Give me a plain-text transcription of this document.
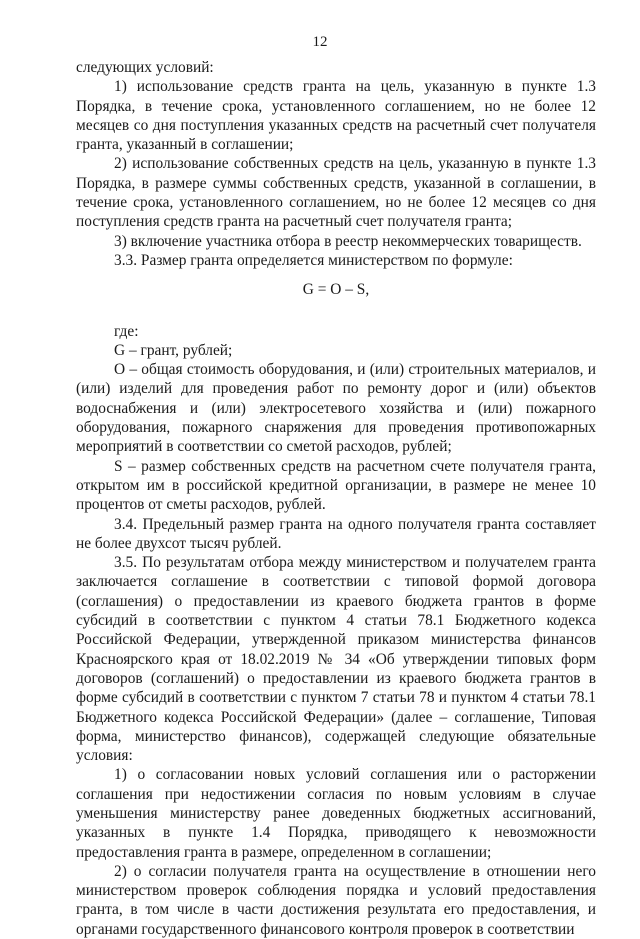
12

следующих условий:

1) использование средств гранта на цель, указанную в пункте 1.3 Порядка, в течение срока, установленного соглашением, но не более 12 месяцев со дня поступления указанных средств на расчетный счет получателя гранта, указанный в соглашении;

2) использование собственных средств на цель, указанную в пункте 1.3 Порядка, в размере суммы собственных средств, указанной в соглашении, в течение срока, установленного соглашением, но не более 12 месяцев со дня поступления средств гранта на расчетный счет получателя гранта;

3) включение участника отбора в реестр некоммерческих товариществ.

3.3. Размер гранта определяется министерством по формуле:

G = O – S,

где:

G – грант, рублей;

O – общая стоимость оборудования, и (или) строительных материалов, и (или) изделий для проведения работ по ремонту дорог и (или) объектов водоснабжения и (или) электросетевого хозяйства и (или) пожарного оборудования, пожарного снаряжения для проведения противопожарных мероприятий в соответствии со сметой расходов, рублей;

S – размер собственных средств на расчетном счете получателя гранта, открытом им в российской кредитной организации, в размере не менее 10 процентов от сметы расходов, рублей.

3.4. Предельный размер гранта на одного получателя гранта составляет не более двухсот тысяч рублей.

3.5. По результатам отбора между министерством и получателем гранта заключается соглашение в соответствии с типовой формой договора (соглашения) о предоставлении из краевого бюджета грантов в форме субсидий в соответствии с пунктом 4 статьи 78.1 Бюджетного кодекса Российской Федерации, утвержденной приказом министерства финансов Красноярского края от 18.02.2019 № 34 «Об утверждении типовых форм договоров (соглашений) о предоставлении из краевого бюджета грантов в форме субсидий в соответствии с пунктом 7 статьи 78 и пунктом 4 статьи 78.1 Бюджетного кодекса Российской Федерации» (далее – соглашение, Типовая форма, министерство финансов), содержащей следующие обязательные условия:

1) о согласовании новых условий соглашения или о расторжении соглашения при недостижении согласия по новым условиям в случае уменьшения министерству ранее доведенных бюджетных ассигнований, указанных в пункте 1.4 Порядка, приводящего к невозможности предоставления гранта в размере, определенном в соглашении;

2) о согласии получателя гранта на осуществление в отношении него министерством проверок соблюдения порядка и условий предоставления гранта, в том числе в части достижения результата его предоставления, и органами государственного финансового контроля проверок в соответствии
